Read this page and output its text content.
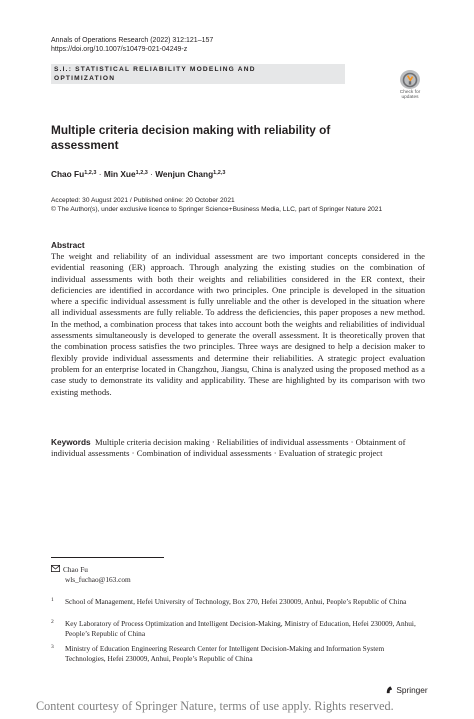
Annals of Operations Research (2022) 312:121–157
https://doi.org/10.1007/s10479-021-04249-z
S.I.: STATISTICAL RELIABILITY MODELING AND
OPTIMIZATION
Check for
updates
Multiple criteria decision making with reliability of assessment
Chao Fu$^{1,2,3}$ · Min Xue$^{1,2,3}$ · Wenjun Chang$^{1,2,3}$
Accepted: 30 August 2021 / Published online: 20 October 2021
© The Author(s), under exclusive licence to Springer Science+Business Media, LLC, part of Springer Nature 2021
Abstract

The weight and reliability of an individual assessment are two important concepts considered in the evidential reasoning (ER) approach. Through analyzing the existing studies on the combination of individual assessments with both their weights and reliabilities considered in the ER context, their deficiencies are identified in accordance with two principles. One principle is developed in the situation where a specific individual assessment is fully unreliable and the other is developed in the situation where all individual assessments are fully reliable. To address the deficiencies, this paper proposes a new method. In the method, a combination process that takes into account both the weights and reliabilities of individual assessments simultaneously is developed to generate the overall assessment. It is theoretically proven that the combination process satisfies the two principles. Three ways are designed to help a decision maker to flexibly provide individual assessments and determine their reliabilities. A strategic project evaluation problem for an enterprise located in Changzhou, Jiangsu, China is analyzed using the proposed method as a case study to demonstrate its validity and applicability. These are highlighted by its comparison with two existing methods.

Keywords Multiple criteria decision making · Reliabilities of individual assessments · Obtainment of individual assessments · Combination of individual assessments · Evaluation of strategic project

Chao Fu
wls_fuchao@163.com
1	School of Management, Hefei University of Technology, Box 270, Hefei 230009, Anhui, People’s Republic of China
2	Key Laboratory of Process Optimization and Intelligent Decision-Making, Ministry of Education, Hefei 230009, Anhui, People’s Republic of China
3	Ministry of Education Engineering Research Center for Intelligent Decision-Making and Information System Technologies, Hefei 230009, Anhui, People’s Republic of China
Springer
Content courtesy of Springer Nature, terms of use apply. Rights reserved.
